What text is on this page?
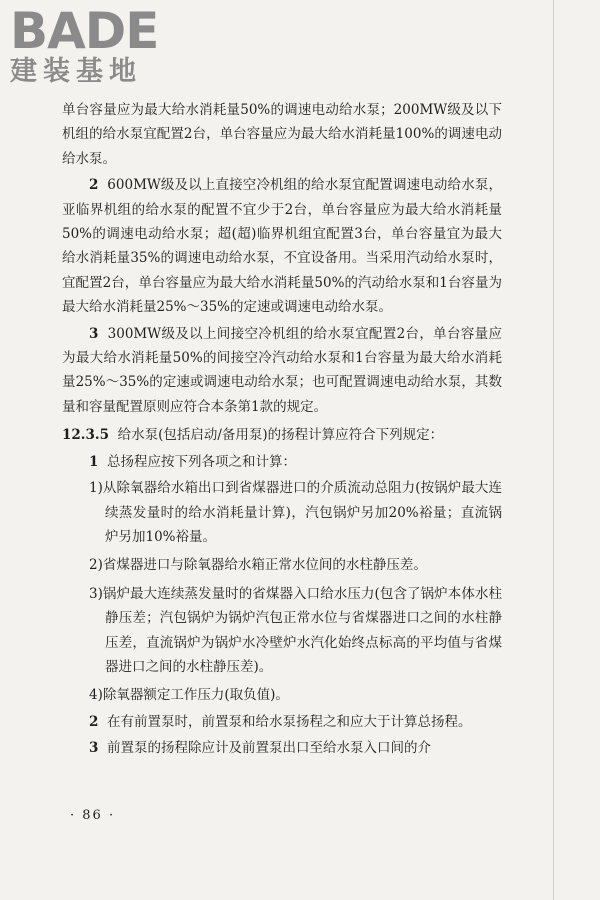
BADE
建装基地

单台容量应为最大给水消耗量50%的调速电动给水泵；200MW级及以下机组的给水泵宜配置2台，单台容量应为最大给水消耗量100%的调速电动给水泵。

2 600MW级及以上直接空冷机组的给水泵宜配置调速电动给水泵，亚临界机组的给水泵的配置不宜少于2台，单台容量应为最大给水消耗量50%的调速电动给水泵；超(超)临界机组宜配置3台，单台容量宜为最大给水消耗量35%的调速电动给水泵，不宜设备用。当采用汽动给水泵时，宜配置2台，单台容量应为最大给水消耗量50%的汽动给水泵和1台容量为最大给水消耗量25%～35%的定速或调速电动给水泵。

3 300MW级及以上间接空冷机组的给水泵宜配置2台，单台容量应为最大给水消耗量50%的间接空冷汽动给水泵和1台容量为最大给水消耗量25%～35%的定速或调速电动给水泵；也可配置调速电动给水泵，其数量和容量配置原则应符合本条第1款的规定。

12.3.5 给水泵(包括启动/备用泵)的扬程计算应符合下列规定：

1 总扬程应按下列各项之和计算：

1)从除氧器给水箱出口到省煤器进口的介质流动总阻力(按锅炉最大连续蒸发量时的给水消耗量计算)，汽包锅炉另加20%裕量；直流锅炉另加10%裕量。

2)省煤器进口与除氧器给水箱正常水位间的水柱静压差。

3)锅炉最大连续蒸发量时的省煤器入口给水压力(包含了锅炉本体水柱静压差；汽包锅炉为锅炉汽包正常水位与省煤器进口之间的水柱静压差，直流锅炉为锅炉水冷壁炉水汽化始终点标高的平均值与省煤器进口之间的水柱静压差)。

4)除氧器额定工作压力(取负值)。

2 在有前置泵时，前置泵和给水泵扬程之和应大于计算总扬程。

3 前置泵的扬程除应计及前置泵出口至给水泵入口间的介

· 86 ·
